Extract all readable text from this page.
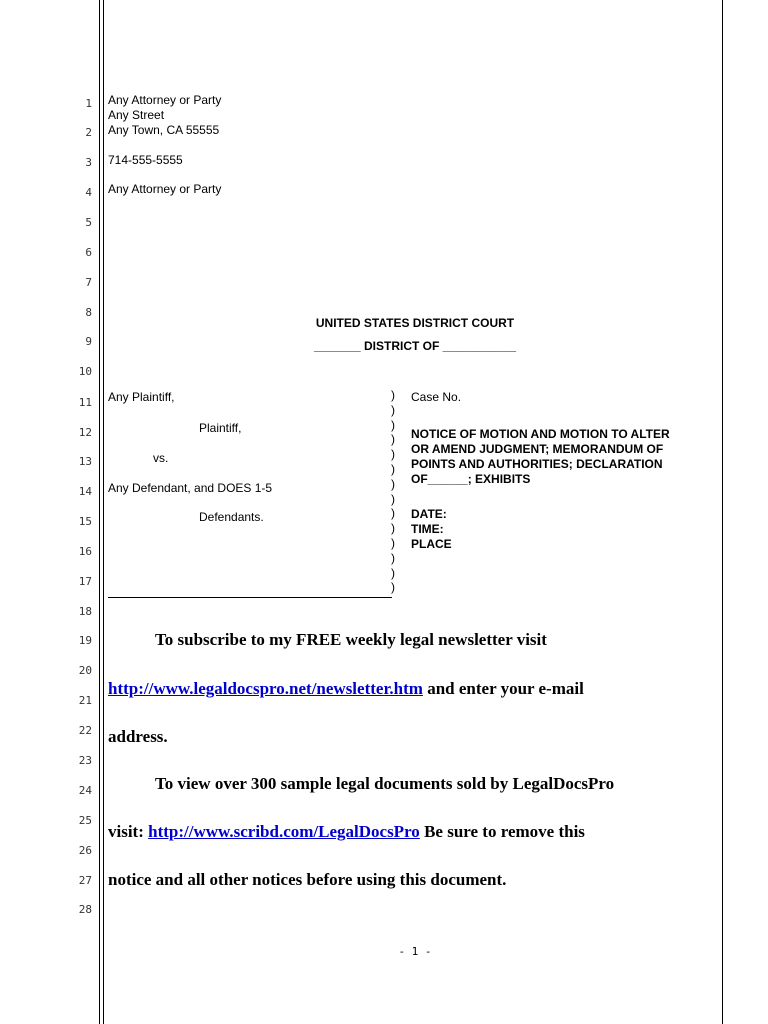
1
2
3
4
5
6
7
8
9
10
11
12
13
14
15
16
17
18
19
20
21
22
23
24
25
26
27
28
Any Attorney or Party
Any Street
Any Town, CA 55555
714-555-5555
Any Attorney or Party
UNITED STATES DISTRICT COURT
_______ DISTRICT OF ___________
Any Plaintiff,
Plaintiff,
vs.
Any Defendant, and DOES 1-5
Defendants.
)
)
)
)
)
)
)
)
)
)
)
)
)
)
Case No.
NOTICE OF MOTION AND MOTION TO ALTER
OR AMEND JUDGMENT; MEMORANDUM OF
POINTS AND AUTHORITIES; DECLARATION
OF______; EXHIBITS
DATE:
TIME:
PLACE
To subscribe to my FREE weekly legal newsletter visit
http://www.legaldocspro.net/newsletter.htm and enter your e-mail
address.
To view over 300 sample legal documents sold by LegalDocsPro
visit: http://www.scribd.com/LegalDocsPro Be sure to remove this
notice and all other notices before using this document.
- 1 -
